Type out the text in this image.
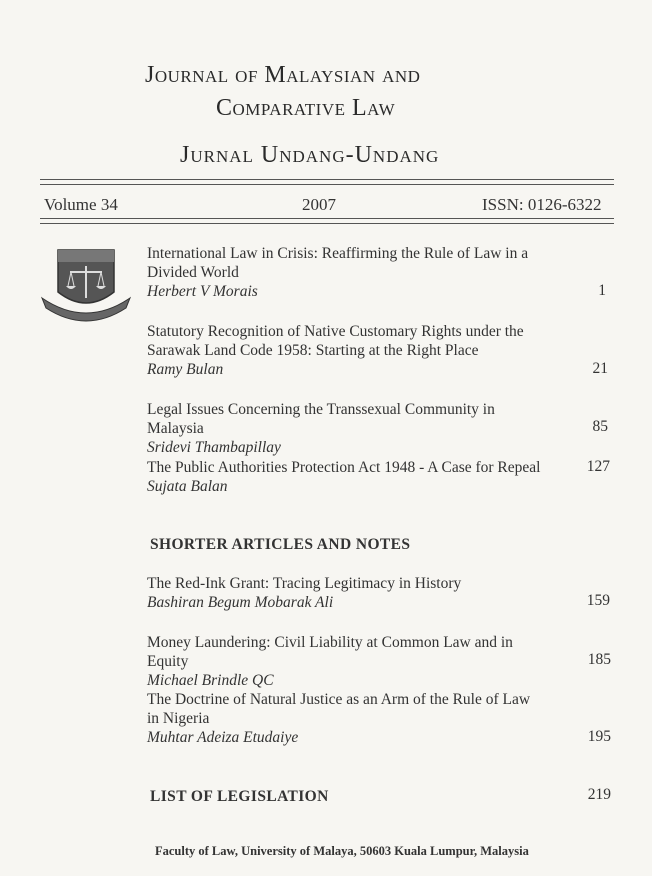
Journal of Malaysian and
Comparative Law
Jurnal Undang-Undang
Volume 34	2007	ISSN: 0126-6322
International Law in Crisis: Reaffirming the Rule of Law in a
Divided World
Herbert V Morais	1
Statutory Recognition of Native Customary Rights under the
Sarawak Land Code 1958: Starting at the Right Place
Ramy Bulan	21
Legal Issues Concerning the Transsexual Community in Malaysia
Sridevi Thambapillay
85
The Public Authorities Protection Act 1948 - A Case for Repeal
Sujata Balan
127
SHORTER ARTICLES AND NOTES
The Red-Ink Grant: Tracing Legitimacy in History
Bashiran Begum Mobarak Ali	159
Money Laundering: Civil Liability at Common Law and in Equity
Michael Brindle QC
185
The Doctrine of Natural Justice as an Arm of the Rule of Law
in Nigeria
Muhtar Adeiza Etudaiye	195
LIST OF LEGISLATION	219
Faculty of Law, University of Malaya, 50603 Kuala Lumpur, Malaysia
